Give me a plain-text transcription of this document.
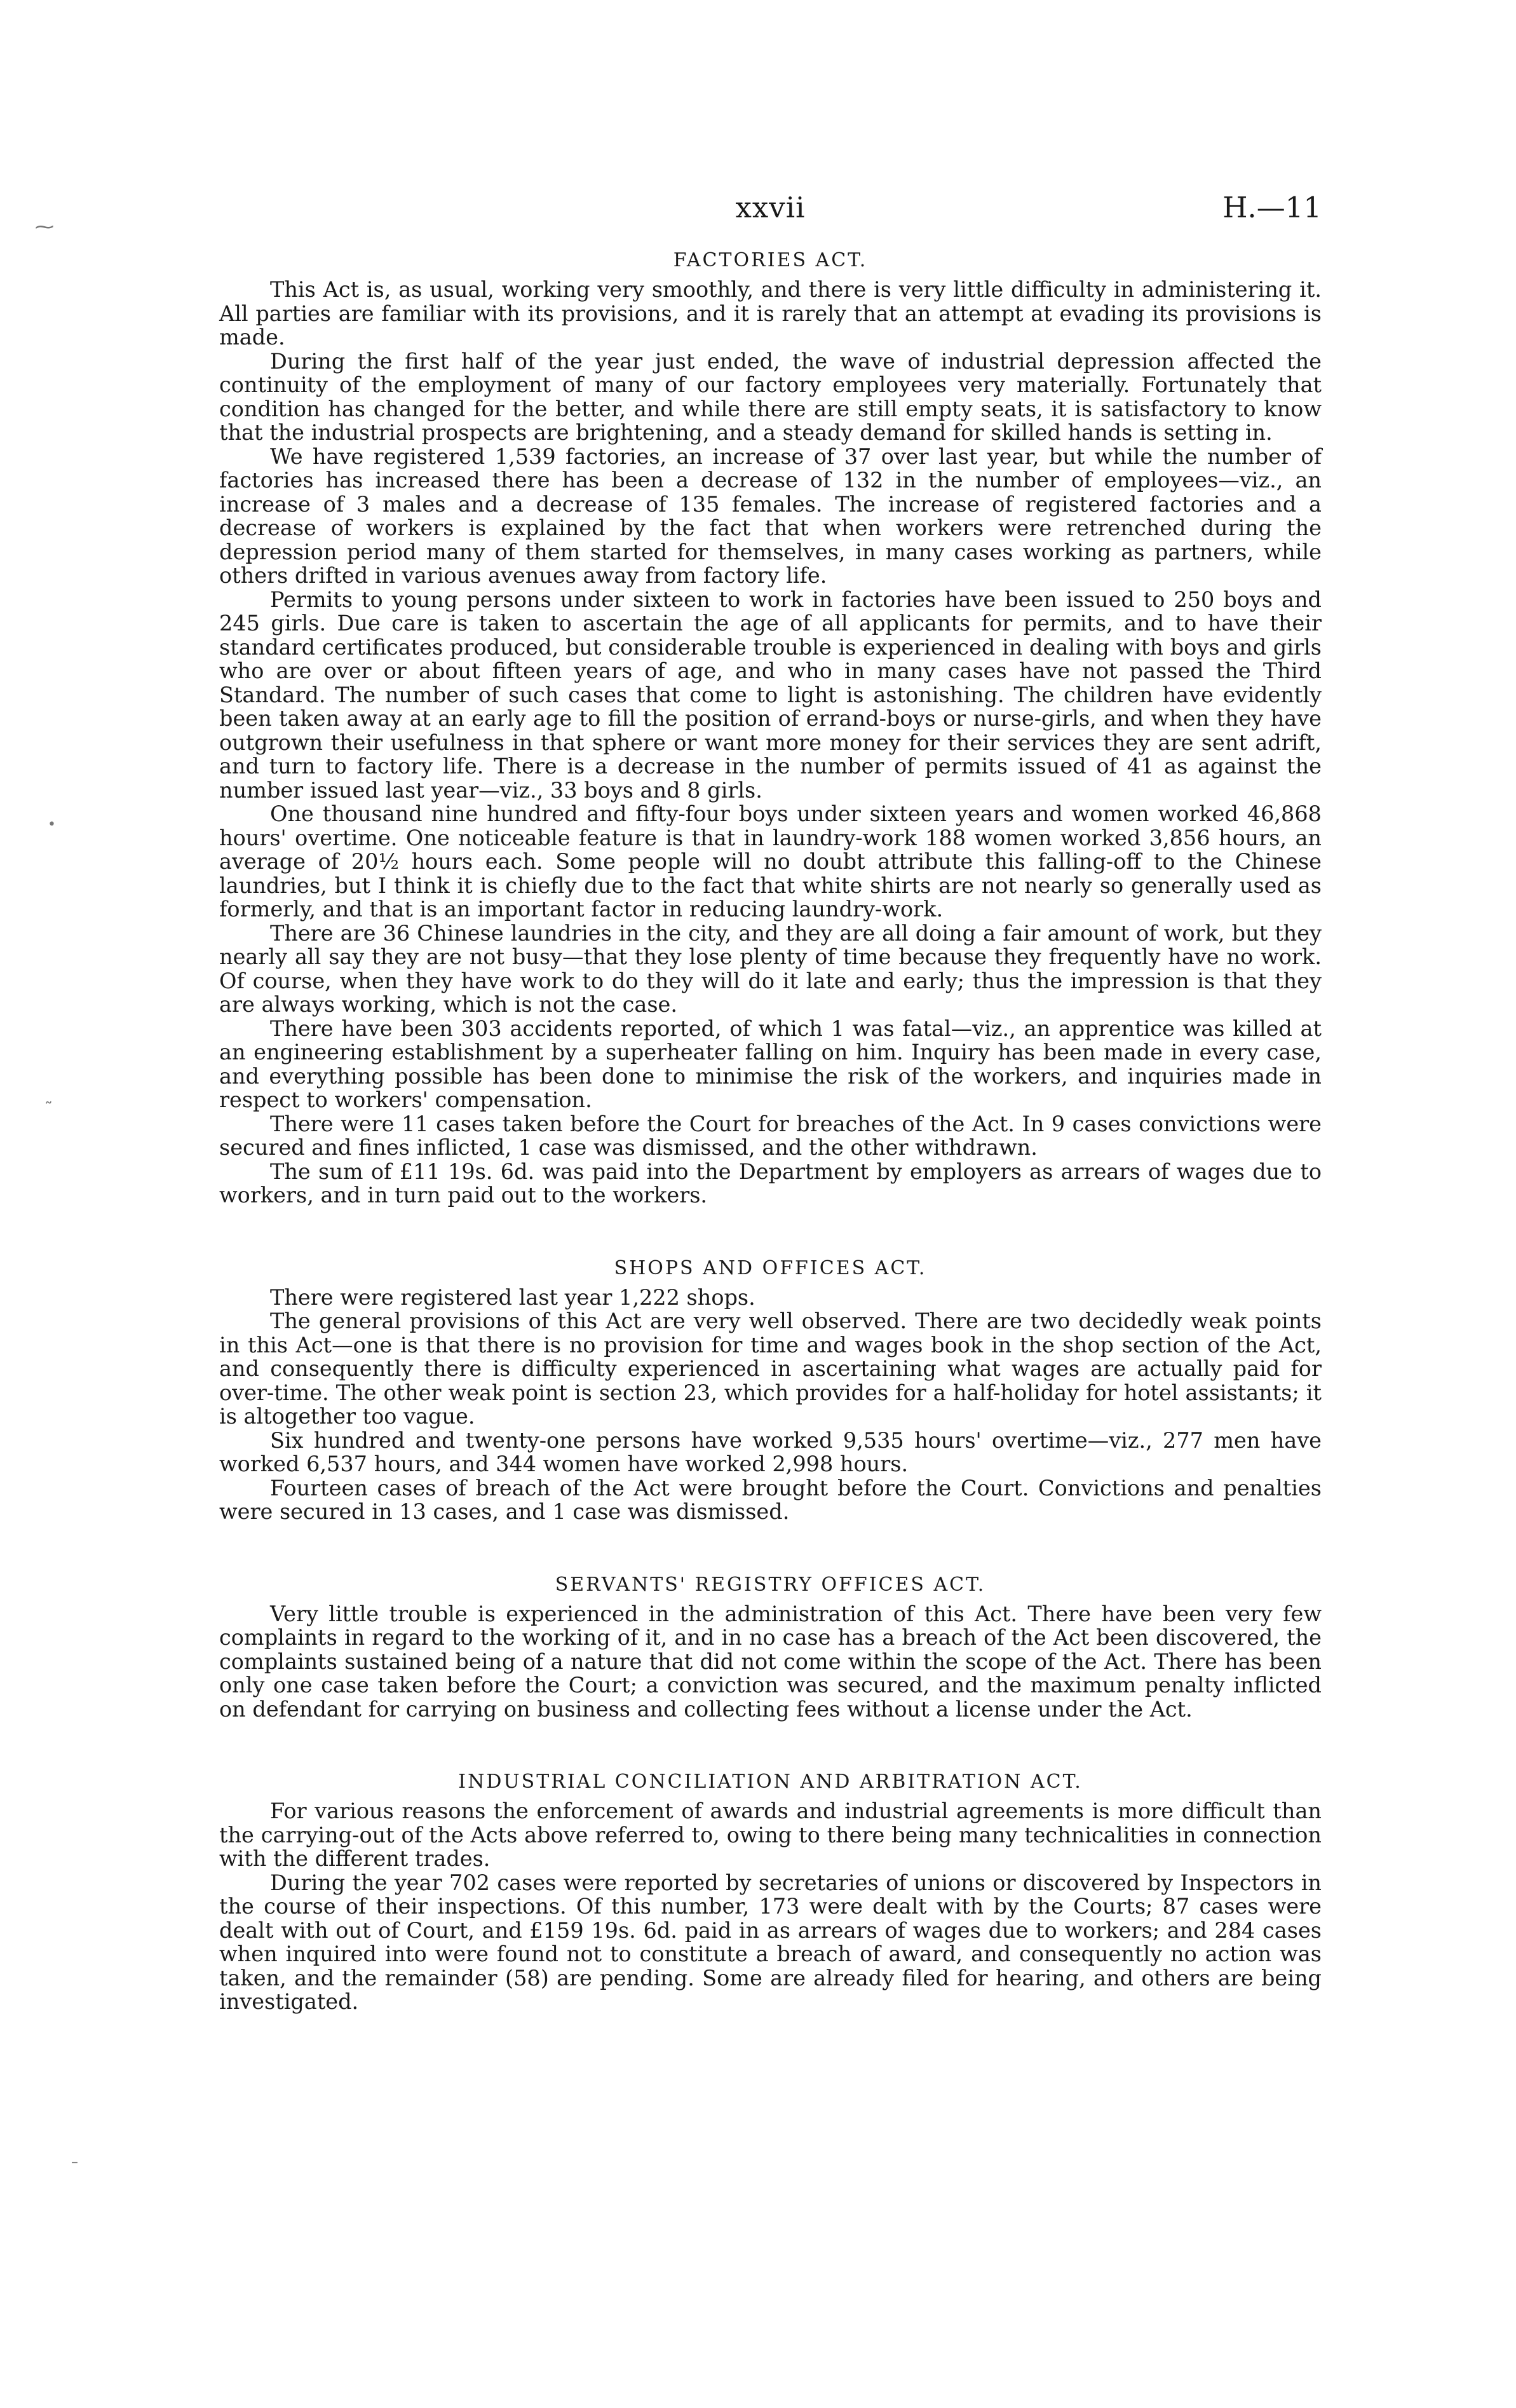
⁓
•
˜
–
xxvii	H.—11
FACTORIES ACT.

This Act is, as usual, working very smoothly, and there is very little difficulty in administering it. All parties are familiar with its provisions, and it is rarely that an attempt at evading its provisions is made.

During the first half of the year just ended, the wave of industrial depression affected the continuity of the employment of many of our factory employees very materially. Fortunately that condition has changed for the better, and while there are still empty seats, it is satisfactory to know that the industrial prospects are brightening, and a steady demand for skilled hands is setting in.

We have registered 1,539 factories, an increase of 37 over last year, but while the number of factories has increased there has been a decrease of 132 in the number of employees—viz., an increase of 3 males and a decrease of 135 females. The increase of registered factories and a decrease of workers is explained by the fact that when workers were retrenched during the depression period many of them started for themselves, in many cases working as partners, while others drifted in various avenues away from factory life.

Permits to young persons under sixteen to work in factories have been issued to 250 boys and 245 girls. Due care is taken to ascertain the age of all applicants for permits, and to have their standard certificates produced, but considerable trouble is experienced in dealing with boys and girls who are over or about fifteen years of age, and who in many cases have not passed the Third Standard. The number of such cases that come to light is astonishing. The children have evidently been taken away at an early age to fill the position of errand-boys or nurse-girls, and when they have outgrown their usefulness in that sphere or want more money for their services they are sent adrift, and turn to factory life. There is a decrease in the number of permits issued of 41 as against the number issued last year—viz., 33 boys and 8 girls.

One thousand nine hundred and fifty-four boys under sixteen years and women worked 46,868 hours' overtime. One noticeable feature is that in laundry-work 188 women worked 3,856 hours, an average of 20½ hours each. Some people will no doubt attribute this falling-off to the Chinese laundries, but I think it is chiefly due to the fact that white shirts are not nearly so generally used as formerly, and that is an important factor in reducing laundry-work.

There are 36 Chinese laundries in the city, and they are all doing a fair amount of work, but they nearly all say they are not busy—that they lose plenty of time because they frequently have no work. Of course, when they have work to do they will do it late and early; thus the impression is that they are always working, which is not the case.

There have been 303 accidents reported, of which 1 was fatal—viz., an apprentice was killed at an engineering establishment by a superheater falling on him. Inquiry has been made in every case, and everything possible has been done to minimise the risk of the workers, and inquiries made in respect to workers' compensation.

There were 11 cases taken before the Court for breaches of the Act. In 9 cases convictions were secured and fines inflicted, 1 case was dismissed, and the other withdrawn.

The sum of £11 19s. 6d. was paid into the Department by employers as arrears of wages due to workers, and in turn paid out to the workers.

SHOPS AND OFFICES ACT.

There were registered last year 1,222 shops.

The general provisions of this Act are very well observed. There are two decidedly weak points in this Act—one is that there is no provision for time and wages book in the shop section of the Act, and consequently there is difficulty experienced in ascertaining what wages are actually paid for over-time. The other weak point is section 23, which provides for a half-holiday for hotel assistants; it is altogether too vague.

Six hundred and twenty-one persons have worked 9,535 hours' overtime—viz., 277 men have worked 6,537 hours, and 344 women have worked 2,998 hours.

Fourteen cases of breach of the Act were brought before the Court. Convictions and penalties were secured in 13 cases, and 1 case was dismissed.

SERVANTS' REGISTRY OFFICES ACT.

Very little trouble is experienced in the administration of this Act. There have been very few complaints in regard to the working of it, and in no case has a breach of the Act been discovered, the complaints sustained being of a nature that did not come within the scope of the Act. There has been only one case taken before the Court; a conviction was secured, and the maximum penalty inflicted on defendant for carrying on business and collecting fees without a license under the Act.

INDUSTRIAL CONCILIATION AND ARBITRATION ACT.

For various reasons the enforcement of awards and industrial agreements is more difficult than the carrying-out of the Acts above referred to, owing to there being many technicalities in connection with the different trades.

During the year 702 cases were reported by secretaries of unions or discovered by Inspectors in the course of their inspections. Of this number, 173 were dealt with by the Courts; 87 cases were dealt with out of Court, and £159 19s. 6d. paid in as arrears of wages due to workers; and 284 cases when inquired into were found not to constitute a breach of award, and consequently no action was taken, and the remainder (58) are pending. Some are already filed for hearing, and others are being investigated.
